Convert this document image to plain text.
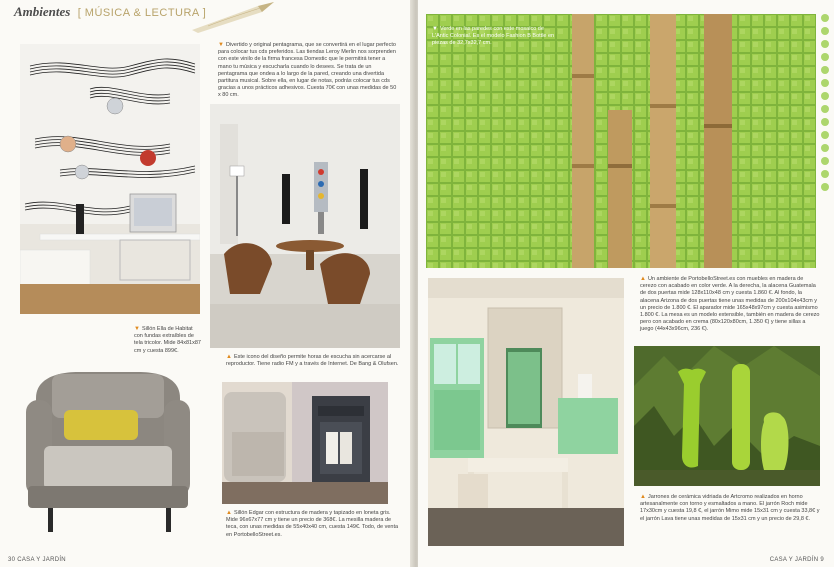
Ambientes [ MÚSICA & LECTURA ]
▼ Divertido y original pentagrama, que se convertirá en el lugar perfecto para colocar tus cds preferidos. Las tiendas Leroy Merlin nos sorprenden con este vinilo de la firma francesa Domestic que le permitirá tener a mano tu música y escucharla cuando lo desees. Se trata de un pentagrama que ondea a lo largo de la pared, creando una divertida partitura musical. Sobre ella, en lugar de notas, podrás colocar tus cds gracias a unos prácticos adhesivos. Cuesta 70€ con unas medidas de 50 x 80 cm.
▲ Este icono del diseño permite horas de escucha sin acercarse al reproductor. Tiene radio FM y a través de Internet. De Bang & Olufsen.
▼ Sillón Ella de Habitat con fundas extraíbles de tela tricolor. Mide 84x81x87 cm y cuesta 899€.
▲ Sillón Edgar con estructura de madera y tapizado en loneta gris. Mide 96x67x77 cm y tiene un precio de 368€. La mesilla madera de teca, con unas medidas de 55x40x40 cm, cuesta 149€. Todo, de venta en PortobelloStreet.es.
30 CASA Y JARDÍN
▼ Verde en las paredes con este mosaico de L'Antic Colonial. Es el modelo Fashion B Bottle en piezas de 32,7x32,7 cm.
▲ Un ambiente de PortobelloStreet.es con muebles en madera de cerezo con acabado en color verde. A la derecha, la alacena Guatemala de dos puertas mide 128x110x48 cm y cuesta 1.860 €. Al fondo, la alacena Arizona de dos puertas tiene unas medidas de 200x104x43cm y un precio de 1.800 €. El aparador mide 165x48x97cm y cuesta asimismo 1.800 €. La mesa es un modelo extensible, también en madera de cerezo pero con acabado en crema (80x120x80cm, 1.350 €) y tiene sillas a juego (44x43x96cm, 236 €).
▲ Jarrones de cerámica vidriada de Artcromo realizados en horno artesanalmente con torno y esmaltados a mano. El jarrón Roch mide 17x30cm y cuesta 19,8 €, el jarrón Mimo mide 15x31 cm y cuesta 33,8€ y el jarrón Lava tiene unas medidas de 15x31 cm y un precio de 29,8 €.
CASA Y JARDÍN 9
